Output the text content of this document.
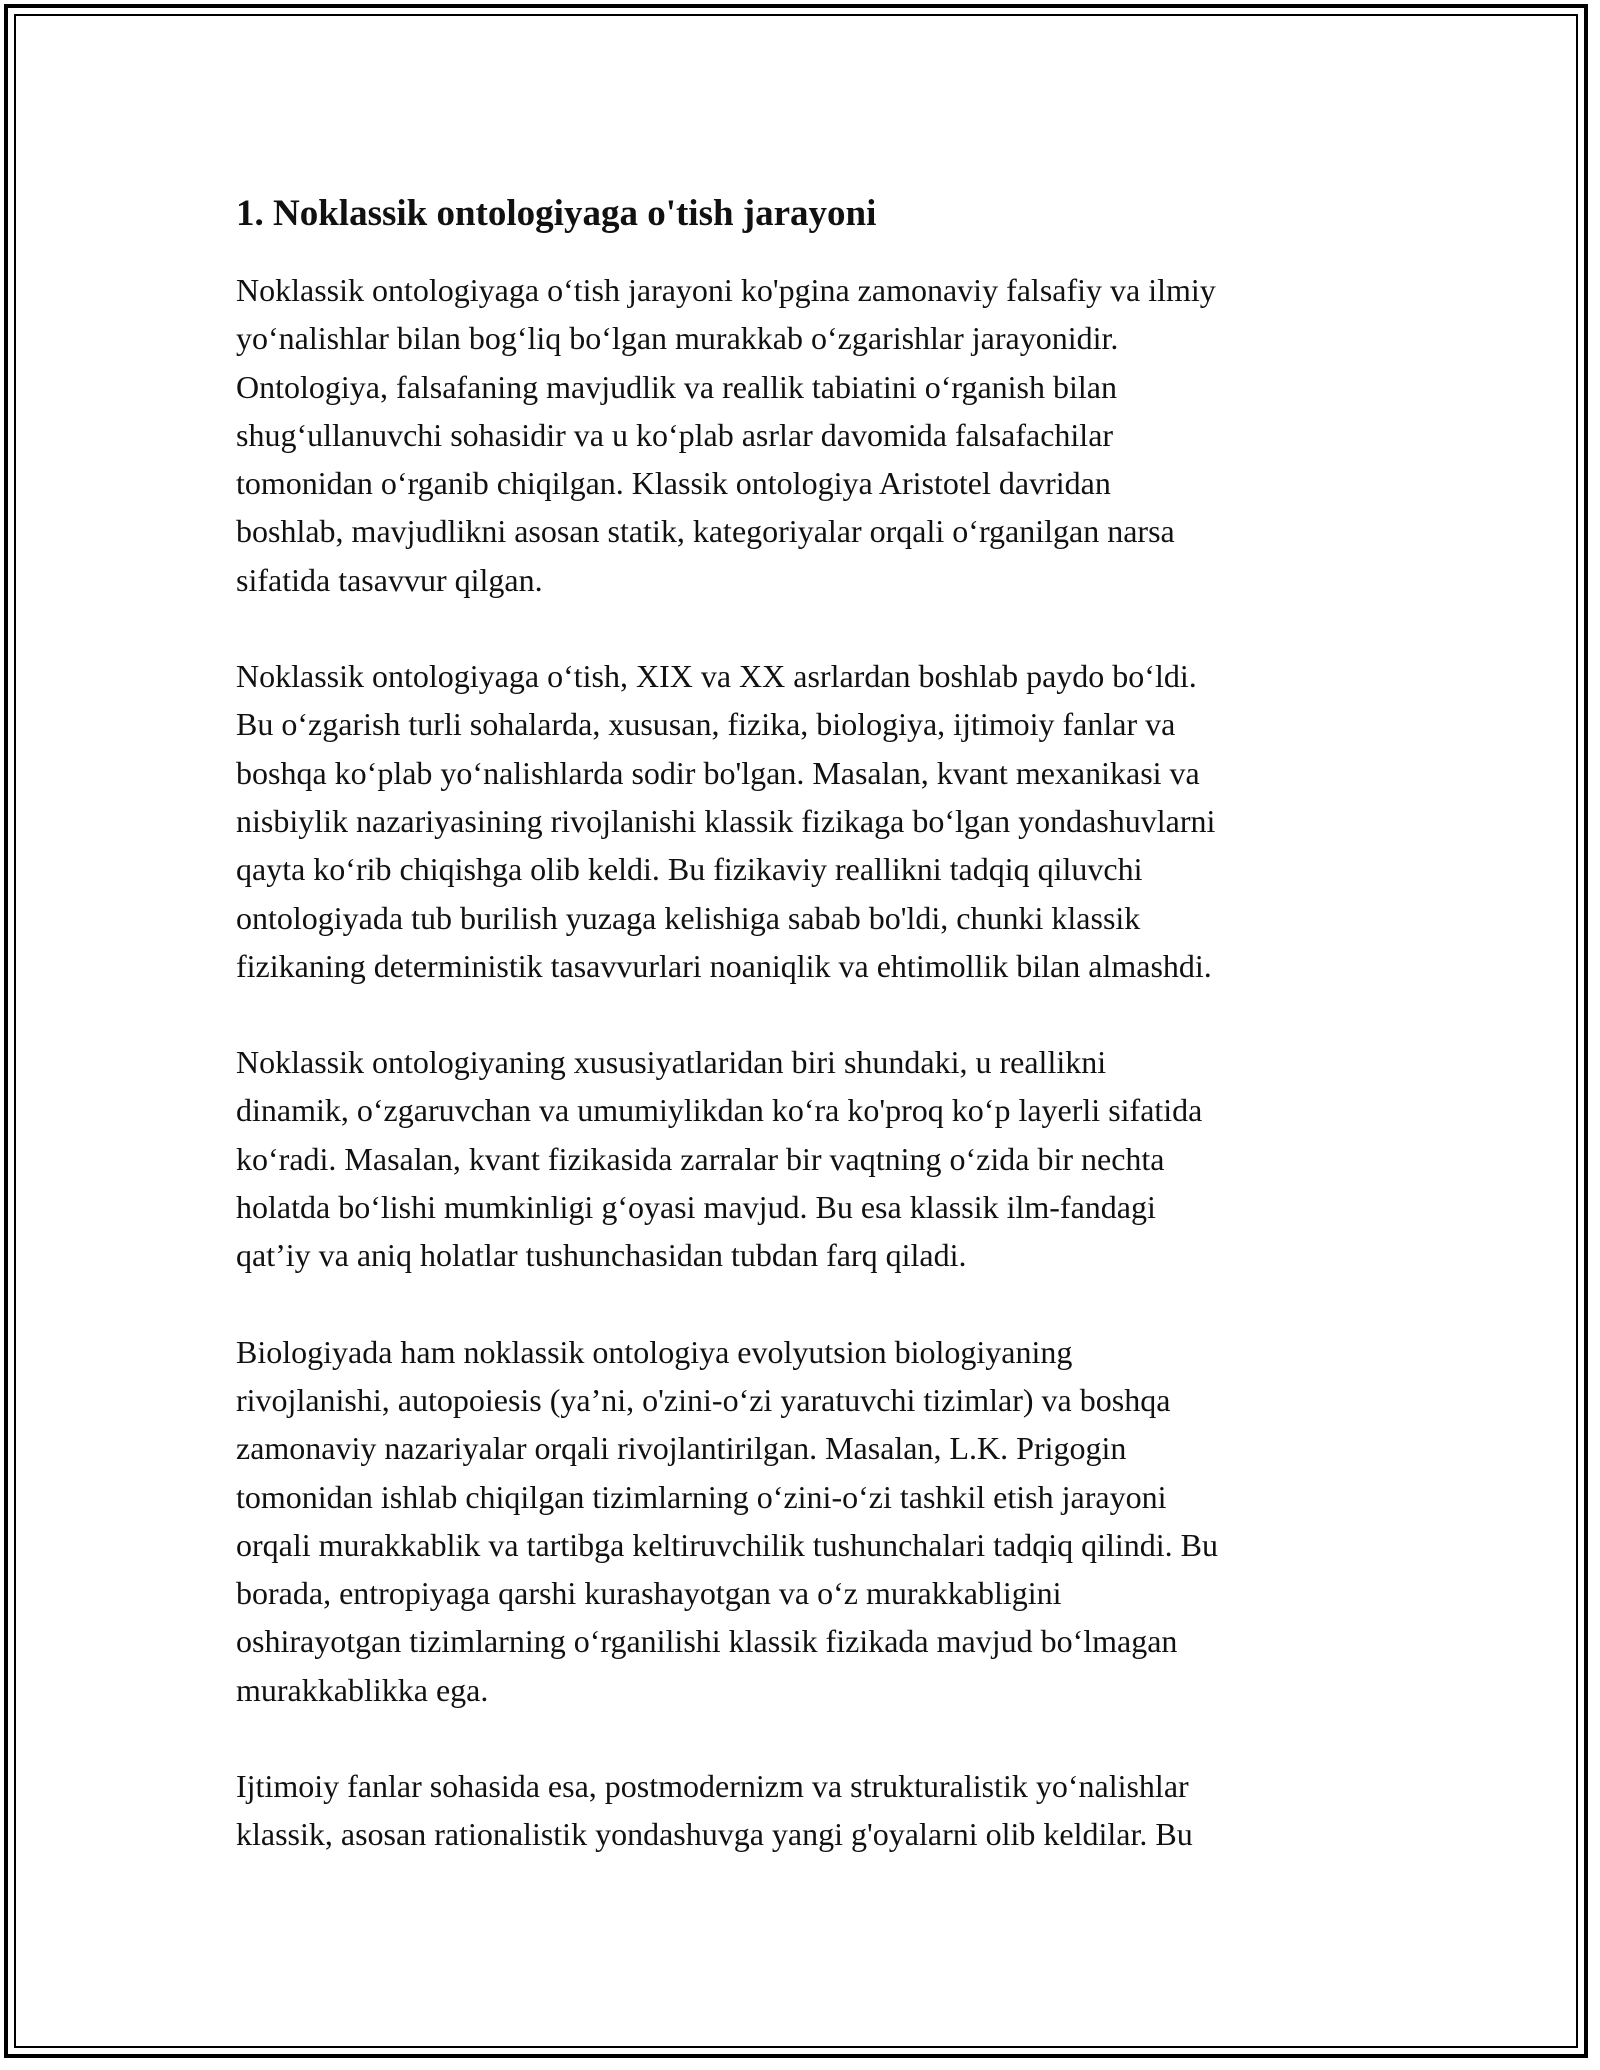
1. Noklassik ontologiyaga o'tish jarayoni

Noklassik ontologiyaga o‘tish jarayoni ko'pgina zamonaviy falsafiy va ilmiy
yo‘nalishlar bilan bog‘liq bo‘lgan murakkab o‘zgarishlar jarayonidir.
Ontologiya, falsafaning mavjudlik va reallik tabiatini o‘rganish bilan
shug‘ullanuvchi sohasidir va u ko‘plab asrlar davomida falsafachilar
tomonidan o‘rganib chiqilgan. Klassik ontologiya Aristotel davridan
boshlab, mavjudlikni asosan statik, kategoriyalar orqali o‘rganilgan narsa
sifatida tasavvur qilgan.

Noklassik ontologiyaga o‘tish, XIX va XX asrlardan boshlab paydo bo‘ldi.
Bu o‘zgarish turli sohalarda, xususan, fizika, biologiya, ijtimoiy fanlar va
boshqa ko‘plab yo‘nalishlarda sodir bo'lgan. Masalan, kvant mexanikasi va
nisbiylik nazariyasining rivojlanishi klassik fizikaga bo‘lgan yondashuvlarni
qayta ko‘rib chiqishga olib keldi. Bu fizikaviy reallikni tadqiq qiluvchi
ontologiyada tub burilish yuzaga kelishiga sabab bo'ldi, chunki klassik
fizikaning deterministik tasavvurlari noaniqlik va ehtimollik bilan almashdi.

Noklassik ontologiyaning xususiyatlaridan biri shundaki, u reallikni
dinamik, o‘zgaruvchan va umumiylikdan ko‘ra ko'proq ko‘p layerli sifatida
ko‘radi. Masalan, kvant fizikasida zarralar bir vaqtning o‘zida bir nechta
holatda bo‘lishi mumkinligi g‘oyasi mavjud. Bu esa klassik ilm-fandagi
qat’iy va aniq holatlar tushunchasidan tubdan farq qiladi.

Biologiyada ham noklassik ontologiya evolyutsion biologiyaning
rivojlanishi, autopoiesis (ya’ni, o'zini-o‘zi yaratuvchi tizimlar) va boshqa
zamonaviy nazariyalar orqali rivojlantirilgan. Masalan, L.K. Prigogin
tomonidan ishlab chiqilgan tizimlarning o‘zini-o‘zi tashkil etish jarayoni
orqali murakkablik va tartibga keltiruvchilik tushunchalari tadqiq qilindi. Bu
borada, entropiyaga qarshi kurashayotgan va o‘z murakkabligini
oshirayotgan tizimlarning o‘rganilishi klassik fizikada mavjud bo‘lmagan
murakkablikka ega.

Ijtimoiy fanlar sohasida esa, postmodernizm va strukturalistik yo‘nalishlar
klassik, asosan rationalistik yondashuvga yangi g'oyalarni olib keldilar. Bu
